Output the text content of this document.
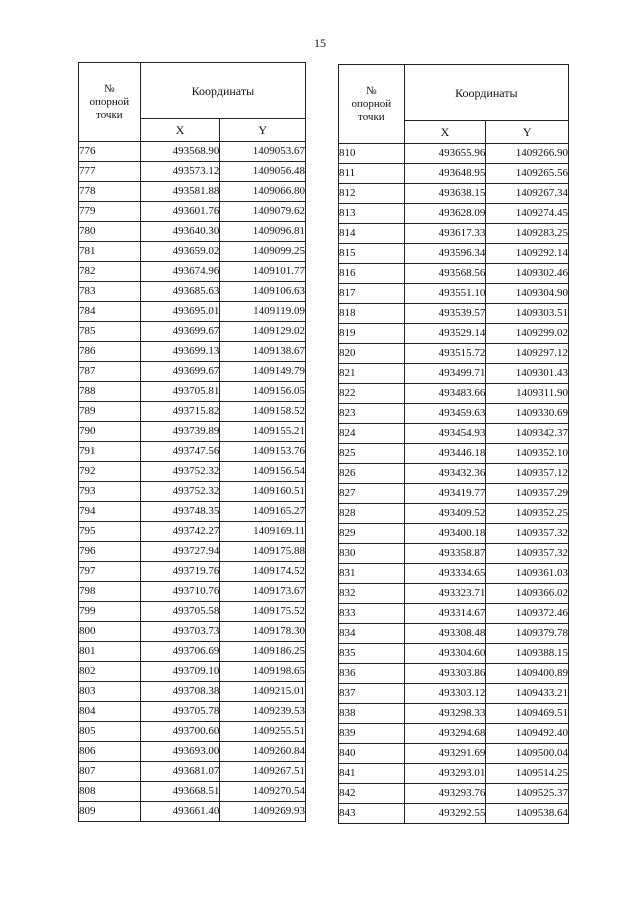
15
№
опорной
точки	Координаты	
	X	Y
776	493568.90	1409053.67
777	493573.12	1409056.48
778	493581.88	1409066.80
779	493601.76	1409079.62
780	493640.30	1409096.81
781	493659.02	1409099.25
782	493674.96	1409101.77
783	493685.63	1409106.63
784	493695.01	1409119.09
785	493699.67	1409129.02
786	493699.13	1409138.67
787	493699.67	1409149.79
788	493705.81	1409156.05
789	493715.82	1409158.52
790	493739.89	1409155.21
791	493747.56	1409153.76
792	493752.32	1409156.54
793	493752.32	1409160.51
794	493748.35	1409165.27
795	493742.27	1409169.11
796	493727.94	1409175.88
797	493719.76	1409174.52
798	493710.76	1409173.67
799	493705.58	1409175.52
800	493703.73	1409178.30
801	493706.69	1409186.25
802	493709.10	1409198.65
803	493708.38	1409215.01
804	493705.78	1409239.53
805	493700.60	1409255.51
806	493693.00	1409260.84
807	493681.07	1409267.51
808	493668.51	1409270.54
809	493661.40	1409269.93
№
опорной
точки	Координаты	
	X	Y
810	493655.96	1409266.90
811	493648.95	1409265.56
812	493638.15	1409267.34
813	493628.09	1409274.45
814	493617.33	1409283.25
815	493596.34	1409292.14
816	493568.56	1409302.46
817	493551.10	1409304.90
818	493539.57	1409303.51
819	493529.14	1409299.02
820	493515.72	1409297.12
821	493499.71	1409301.43
822	493483.66	1409311.90
823	493459.63	1409330.69
824	493454.93	1409342.37
825	493446.18	1409352.10
826	493432.36	1409357.12
827	493419.77	1409357.29
828	493409.52	1409352.25
829	493400.18	1409357.32
830	493358.87	1409357.32
831	493334.65	1409361.03
832	493323.71	1409366.02
833	493314.67	1409372.46
834	493308.48	1409379.78
835	493304.60	1409388.15
836	493303.86	1409400.89
837	493303.12	1409433.21
838	493298.33	1409469.51
839	493294.68	1409492.40
840	493291.69	1409500.04
841	493293.01	1409514.25
842	493293.76	1409525.37
843	493292.55	1409538.64
